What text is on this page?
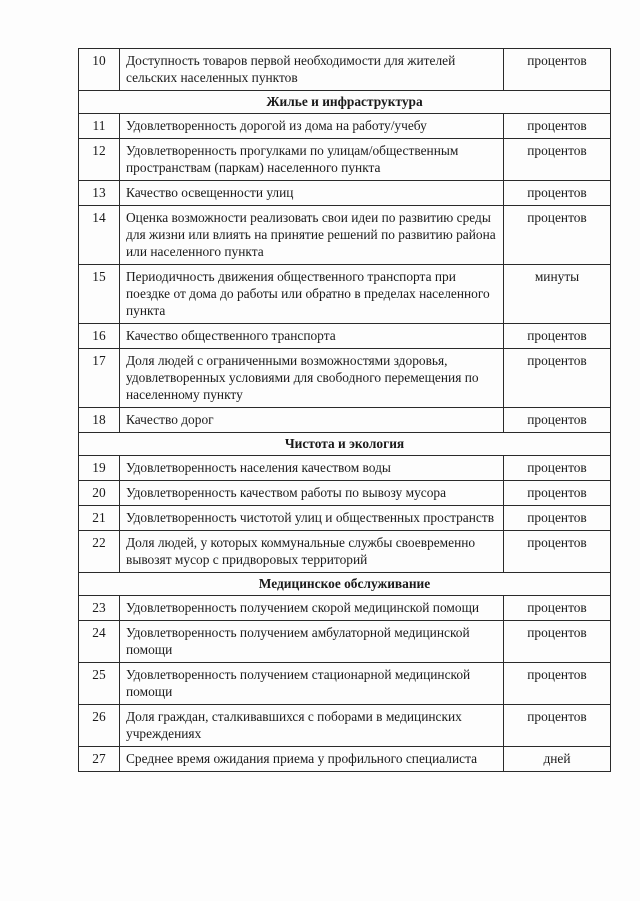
10	Доступность товаров первой необходимости для жителей сельских населенных пунктов	процентов
Жилье и инфраструктура		
11	Удовлетворенность дорогой из дома на работу/учебу	процентов
12	Удовлетворенность прогулками по улицам/общественным пространствам (паркам) населенного пункта	процентов
13	Качество освещенности улиц	процентов
14	Оценка возможности реализовать свои идеи по развитию среды для жизни или влиять на принятие решений по развитию района или населенного пункта	процентов
15	Периодичность движения общественного транспорта при поездке от дома до работы или обратно в пределах населенного пункта	минуты
16	Качество общественного транспорта	процентов
17	Доля людей с ограниченными возможностями здоровья, удовлетворенных условиями для свободного перемещения по населенному пункту	процентов
18	Качество дорог	процентов
Чистота и экология		
19	Удовлетворенность населения качеством воды	процентов
20	Удовлетворенность качеством работы по вывозу мусора	процентов
21	Удовлетворенность чистотой улиц и общественных пространств	процентов
22	Доля людей, у которых коммунальные службы своевременно вывозят мусор с придворовых территорий	процентов
Медицинское обслуживание		
23	Удовлетворенность получением скорой медицинской помощи	процентов
24	Удовлетворенность получением амбулаторной медицинской помощи	процентов
25	Удовлетворенность получением стационарной медицинской помощи	процентов
26	Доля граждан, сталкивавшихся с поборами в медицинских учреждениях	процентов
27	Среднее время ожидания приема у профильного специалиста	дней
